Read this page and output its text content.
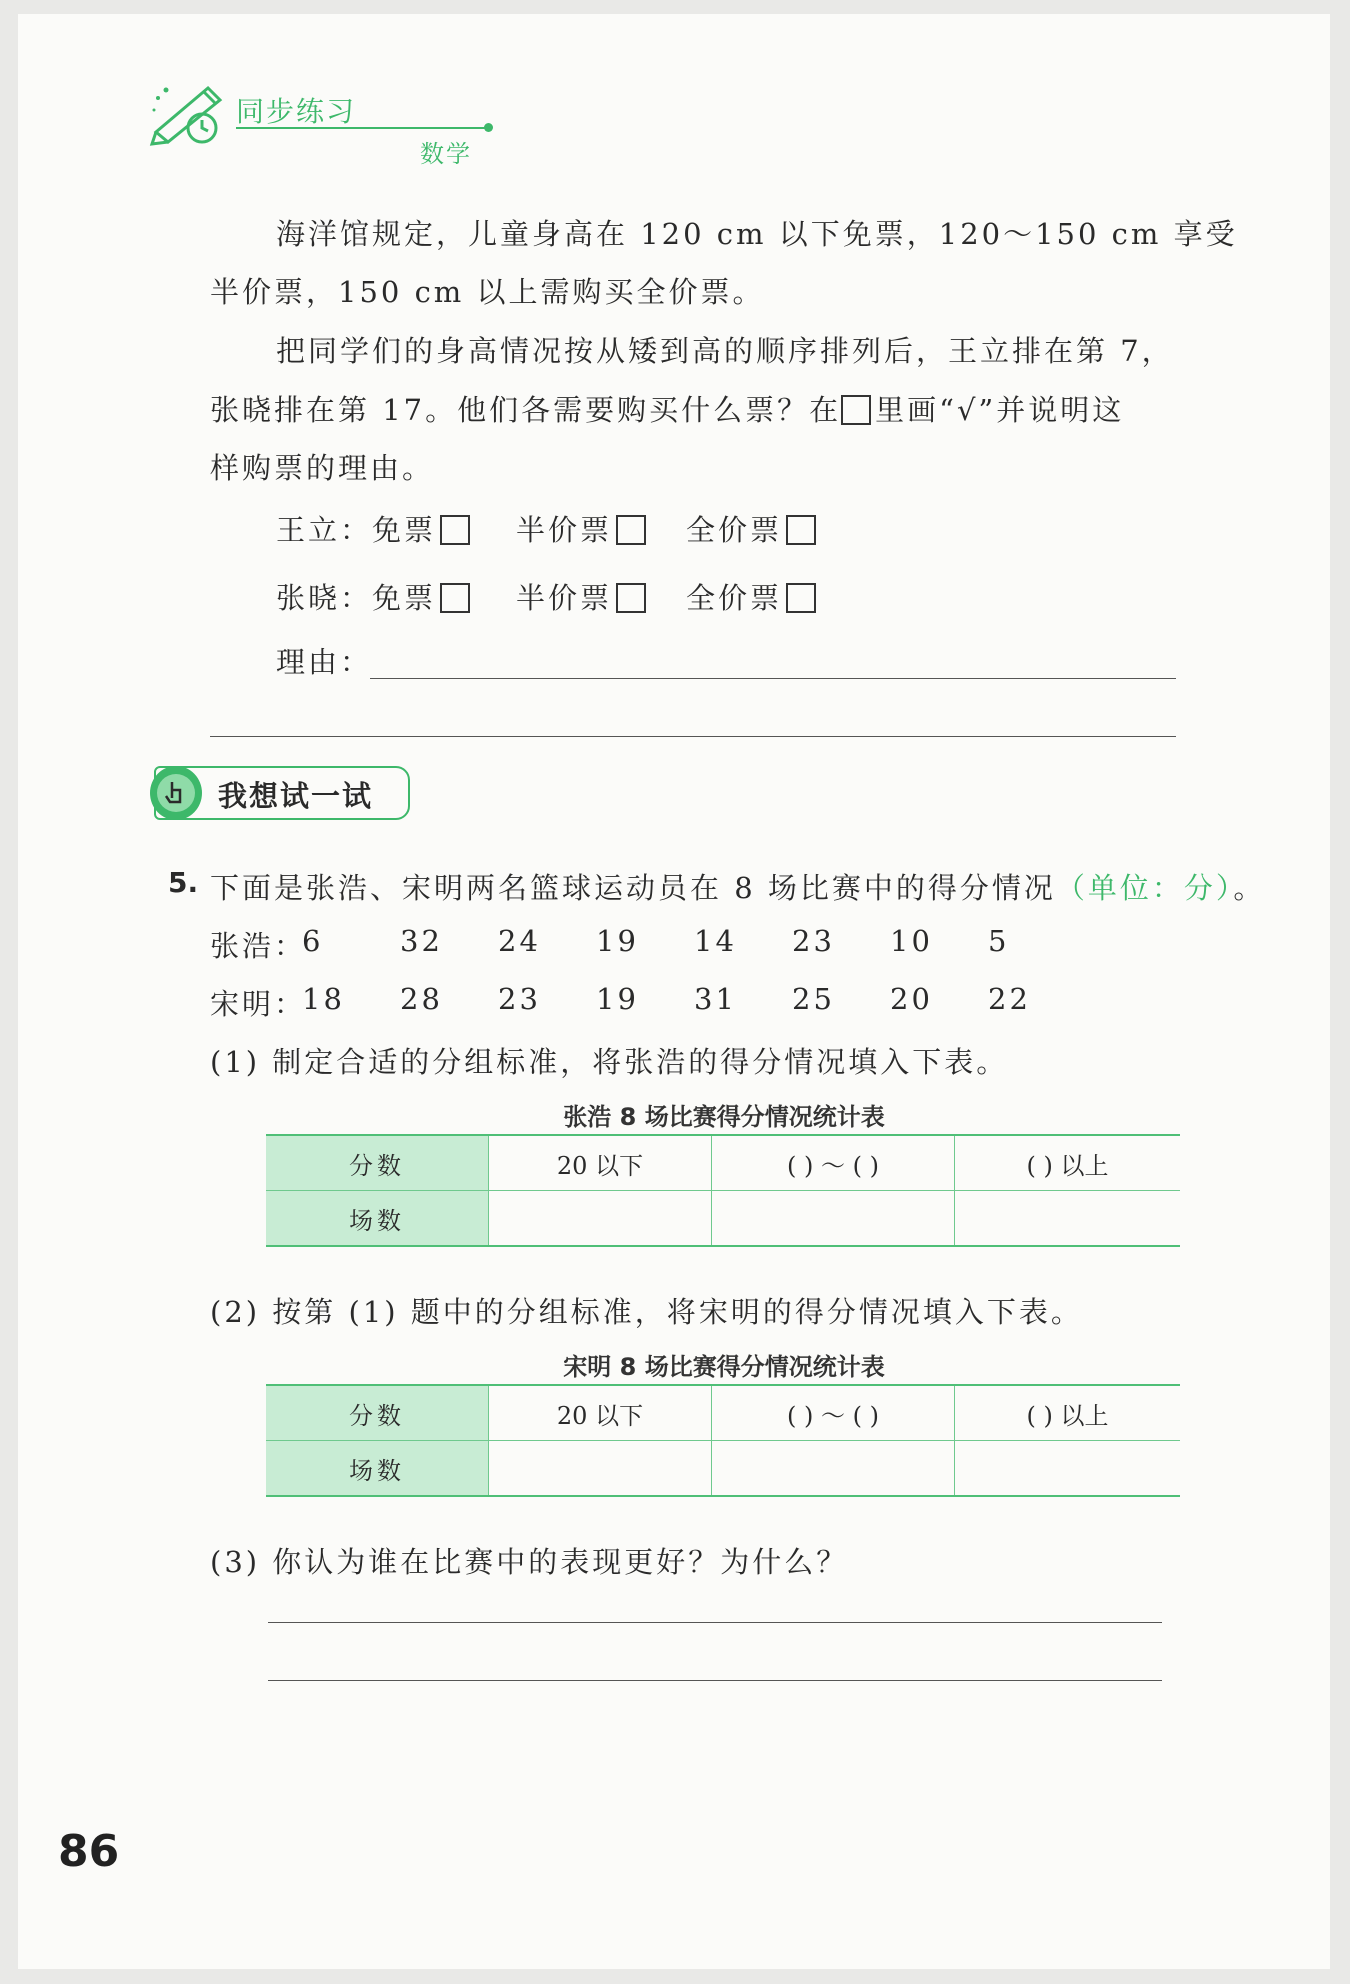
同步练习
数学
海洋馆规定，儿童身高在 120 cm 以下免票，120～150 cm 享受
半价票，150 cm 以上需购买全价票。
把同学们的身高情况按从矮到高的顺序排列后，王立排在第 7，
张晓排在第 17。他们各需要购买什么票？在 里画“√”并说明这
样购票的理由。
王立：免票	半价票	全价票
张晓：免票	半价票	全价票
理由：
我想试一试
5. 下面是张浩、宋明两名篮球运动员在 8 场比赛中的得分情况（单位：分）。
张浩：
6	32 24 19 14 23 10 5
宋明：
18 28 23 19 31 25 20 22
(1) 制定合适的分组标准，将张浩的得分情况填入下表。
张浩 8 场比赛得分情况统计表
分数	20 以下	( ) ～ ( )	( ) 以上
场数			
(2) 按第 (1) 题中的分组标准，将宋明的得分情况填入下表。
宋明 8 场比赛得分情况统计表
分数	20 以下	( ) ～ ( )	( ) 以上
场数			
(3) 你认为谁在比赛中的表现更好？为什么？
86
